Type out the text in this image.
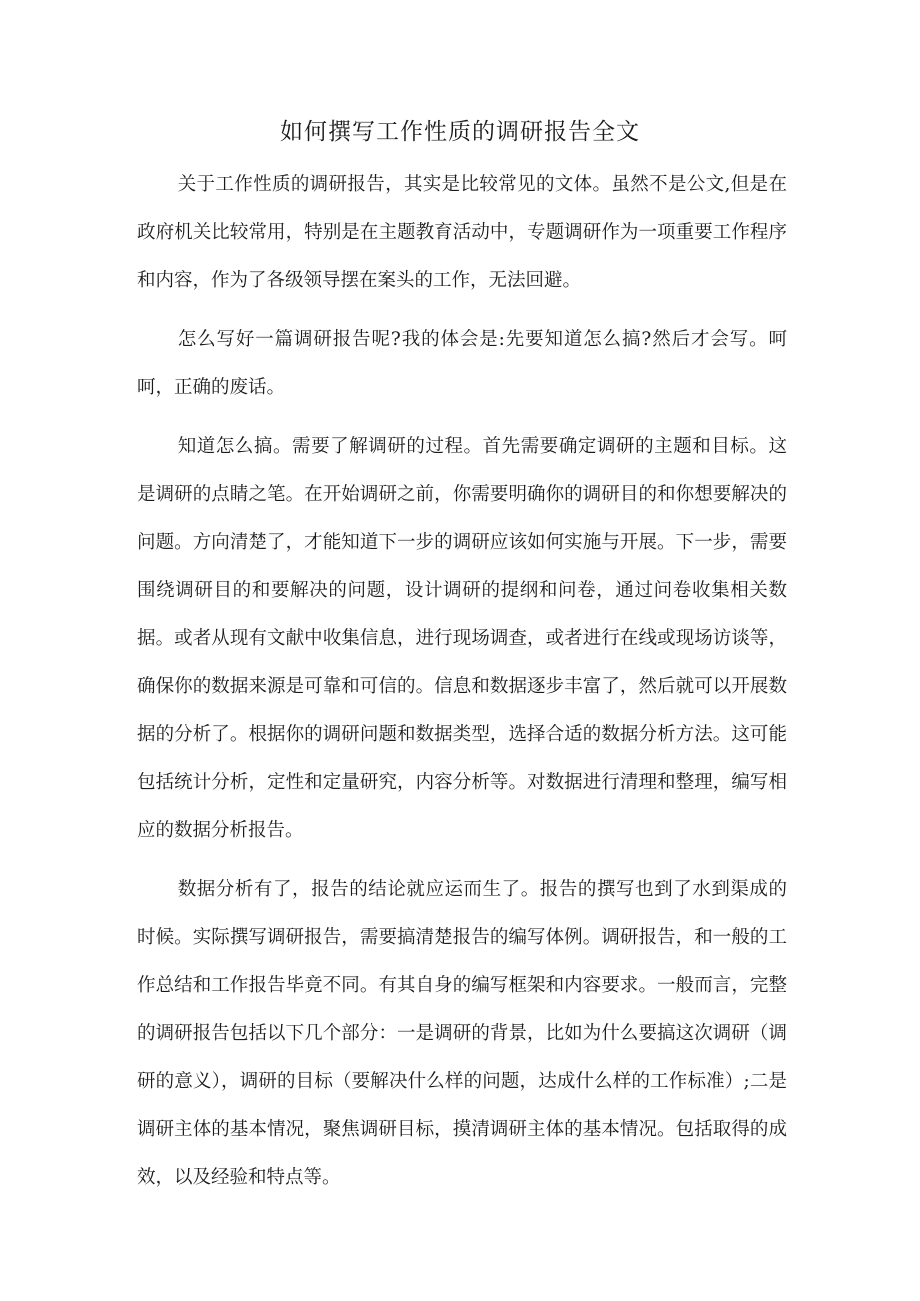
如何撰写工作性质的调研报告全文

关于工作性质的调研报告，其实是比较常见的文体。虽然不是公文,但是在政府机关比较常用，特别是在主题教育活动中，专题调研作为一项重要工作程序和内容，作为了各级领导摆在案头的工作，无法回避。

怎么写好一篇调研报告呢?我的体会是:先要知道怎么搞?然后才会写。呵呵，正确的废话。

知道怎么搞。需要了解调研的过程。首先需要确定调研的主题和目标。这是调研的点睛之笔。在开始调研之前，你需要明确你的调研目的和你想要解决的问题。方向清楚了，才能知道下一步的调研应该如何实施与开展。下一步，需要围绕调研目的和要解决的问题，设计调研的提纲和问卷，通过问卷收集相关数据。或者从现有文献中收集信息，进行现场调查，或者进行在线或现场访谈等，确保你的数据来源是可靠和可信的。信息和数据逐步丰富了，然后就可以开展数据的分析了。根据你的调研问题和数据类型，选择合适的数据分析方法。这可能包括统计分析，定性和定量研究，内容分析等。对数据进行清理和整理，编写相应的数据分析报告。

数据分析有了，报告的结论就应运而生了。报告的撰写也到了水到渠成的时候。实际撰写调研报告，需要搞清楚报告的编写体例。调研报告，和一般的工作总结和工作报告毕竟不同。有其自身的编写框架和内容要求。一般而言，完整的调研报告包括以下几个部分：一是调研的背景，比如为什么要搞这次调研（调研的意义），调研的目标（要解决什么样的问题，达成什么样的工作标准）;二是调研主体的基本情况，聚焦调研目标，摸清调研主体的基本情况。包括取得的成效，以及经验和特点等。
